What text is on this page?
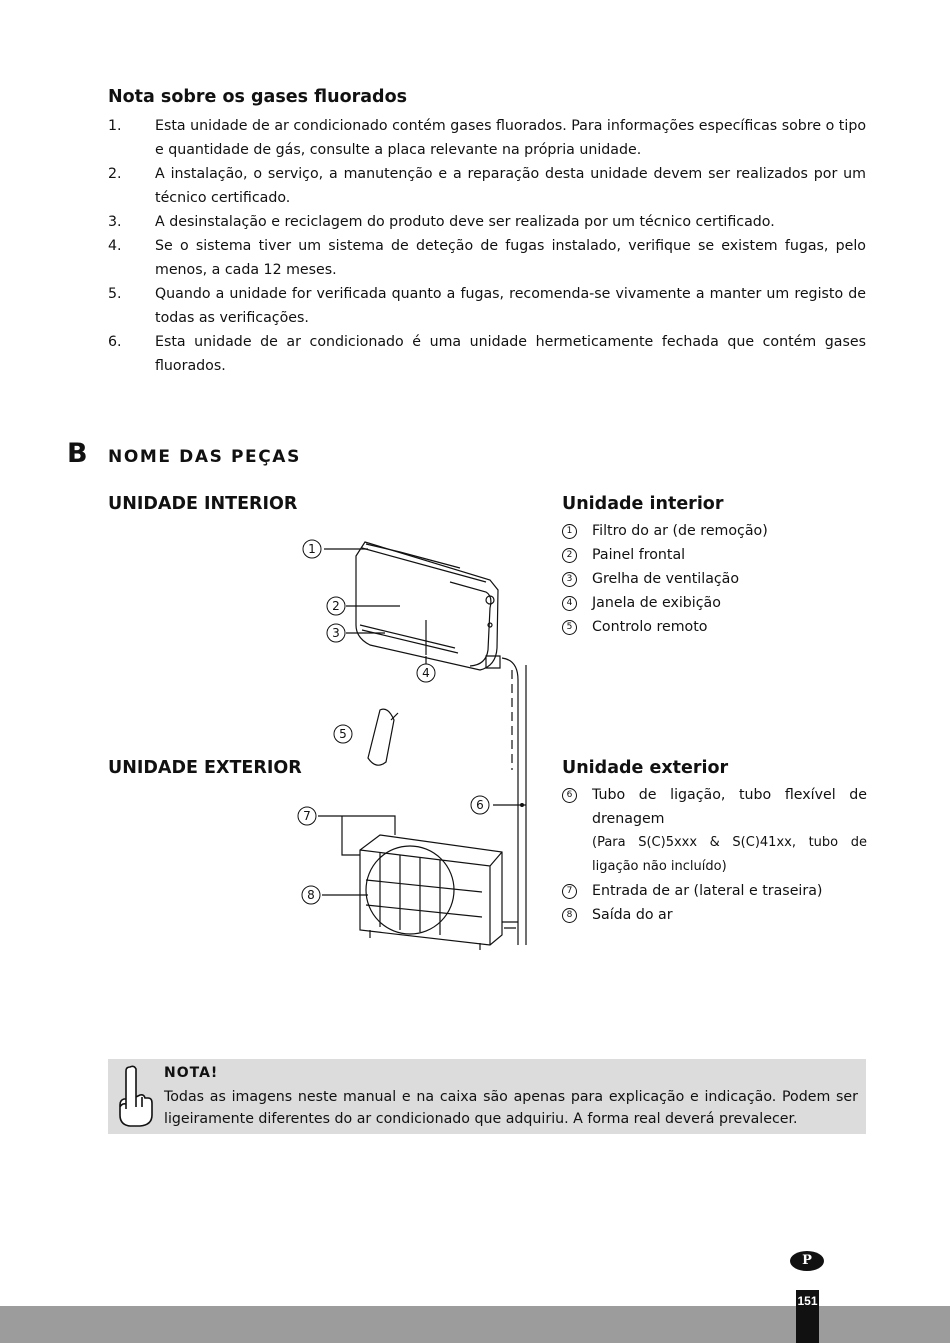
Nota sobre os gases fluorados
1. Esta unidade de ar condicionado contém gases fluorados. Para informações específicas sobre o tipo e quantidade de gás, consulte a placa relevante na própria unidade.
2. A instalação, o serviço, a manutenção e a reparação desta unidade devem ser realizados por um técnico certificado.
3. A desinstalação e reciclagem do produto deve ser realizada por um técnico certificado.
4. Se o sistema tiver um sistema de deteção de fugas instalado, verifique se existem fugas, pelo menos, a cada 12 meses.
5. Quando a unidade for verificada quanto a fugas, recomenda-se vivamente a manter um registo de todas as verificações.
6. Esta unidade de ar condicionado é uma unidade hermeticamente fechada que contém gases fluorados.
B NOME DAS PEÇAS
UNIDADE INTERIOR	Unidade interior
1	Filtro do ar (de remoção)
2	Painel frontal
3	Grelha de ventilação
4	Janela de exibição
5	Controlo remoto
UNIDADE EXTERIOR	Unidade exterior
6	Tubo de ligação, tubo flexível de drenagem
(Para S(C)5xxx & S(C)41xx, tubo de ligação não incluído)
7	Entrada de ar (lateral e traseira)
8	Saída do ar
1
2
3
4
5
6
7
8
NOTA!
Todas as imagens neste manual e na caixa são apenas para explicação e indicação. Podem ser ligeiramente diferentes do ar condicionado que adquiriu. A forma real deverá prevalecer.
P
151
